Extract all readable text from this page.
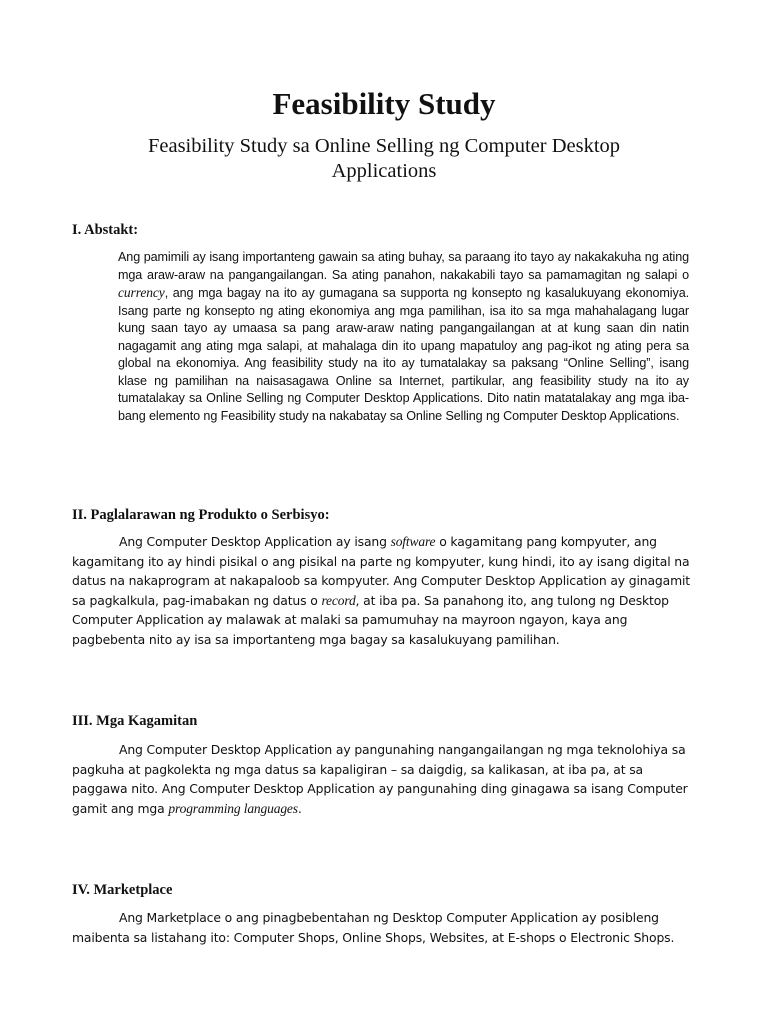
Feasibility Study
Feasibility Study sa Online Selling ng Computer Desktop Applications
I. Abstakt:

Ang pamimili ay isang importanteng gawain sa ating buhay, sa paraang ito tayo ay nakakakuha ng ating mga araw-araw na pangangailangan. Sa ating panahon, nakakabili tayo sa pamamagitan ng salapi o currency, ang mga bagay na ito ay gumagana sa supporta ng konsepto ng kasalukuyang ekonomiya. Isang parte ng konsepto ng ating ekonomiya ang mga pamilihan, isa ito sa mga mahahalagang lugar kung saan tayo ay umaasa sa pang araw-araw nating pangangailangan at at kung saan din natin nagagamit ang ating mga salapi, at mahalaga din ito upang mapatuloy ang pag-ikot ng ating pera sa global na ekonomiya. Ang feasibility study na ito ay tumatalakay sa paksang “Online Selling”, isang klase ng pamilihan na naisasagawa Online sa Internet, partikular, ang feasibility study na ito ay tumatalakay sa Online Selling ng Computer Desktop Applications. Dito natin matatalakay ang mga iba-bang elemento ng Feasibility study na nakabatay sa Online Selling ng Computer Desktop Applications.

II. Paglalarawan ng Produkto o Serbisyo:

Ang Computer Desktop Application ay isang software o kagamitang pang kompyuter, ang kagamitang ito ay hindi pisikal o ang pisikal na parte ng kompyuter, kung hindi, ito ay isang digital na datus na nakaprogram at nakapaloob sa kompyuter. Ang Computer Desktop Application ay ginagamit sa pagkalkula, pag-imabakan ng datus o record, at iba pa. Sa panahong ito, ang tulong ng Desktop Computer Application ay malawak at malaki sa pamumuhay na mayroon ngayon, kaya ang pagbebenta nito ay isa sa importanteng mga bagay sa kasalukuyang pamilihan.

III. Mga Kagamitan

Ang Computer Desktop Application ay pangunahing nangangailangan ng mga teknolohiya sa pagkuha at pagkolekta ng mga datus sa kapaligiran – sa daigdig, sa kalikasan, at iba pa, at sa paggawa nito. Ang Computer Desktop Application ay pangunahing ding ginagawa sa isang Computer gamit ang mga programming languages.

IV. Marketplace

Ang Marketplace o ang pinagbebentahan ng Desktop Computer Application ay posibleng maibenta sa listahang ito: Computer Shops, Online Shops, Websites, at E-shops o Electronic Shops.
